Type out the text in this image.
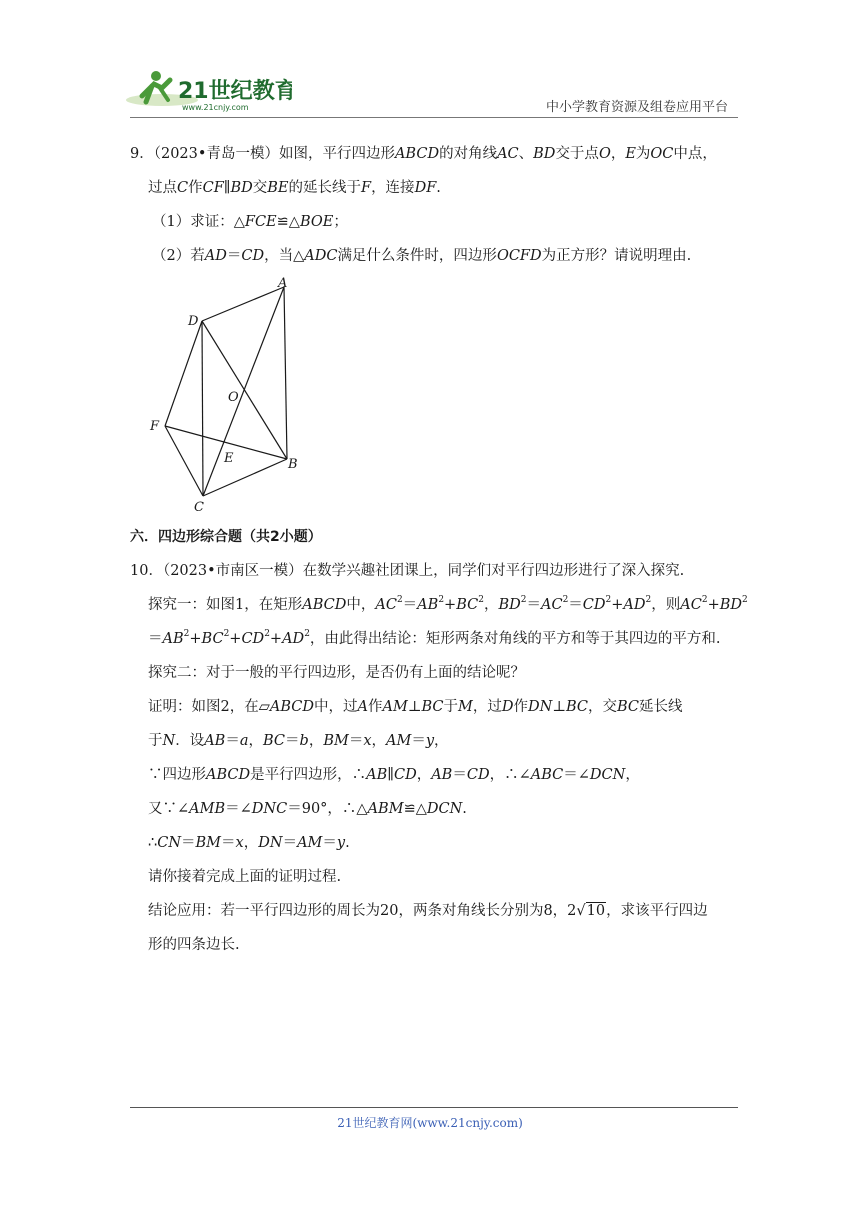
21世纪教育
www.21cnjy.com	中小学教育资源及组卷应用平台
9．（2023•青岛一模）如图，平行四边形ABCD的对角线AC、BD交于点O，E为OC中点，
过点C作CF∥BD交BE的延长线于F，连接DF.
（1）求证：△FCE≌△BOE；
（2）若AD＝CD，当△ADC满足什么条件时，四边形OCFD为正方形？请说明理由.
A
B
C
D
E
F
O
六．四边形综合题（共2小题）
10．（2023•市南区一模）在数学兴趣社团课上，同学们对平行四边形进行了深入探究.
探究一：如图1，在矩形ABCD中，$AC^2=AB^2+BC^2$，$BD^2=AC^2=CD^2+AD^2$，则$AC^2+BD^2$
$=AB^2+BC^2+CD^2+AD^2$，由此得出结论：矩形两条对角线的平方和等于其四边的平方和.
探究二：对于一般的平行四边形，是否仍有上面的结论呢？
证明：如图2，在▱ABCD中，过A作AM⊥BC于M，过D作DN⊥BC，交BC延长线
于N．设AB＝a，BC＝b，BM＝x，AM＝y，
∵四边形ABCD是平行四边形，∴AB∥CD，AB＝CD，∴∠ABC＝∠DCN，
又∵∠AMB＝∠DNC＝90°，∴△ABM≌△DCN.
∴CN＝BM＝x，DN＝AM＝y.
请你接着完成上面的证明过程.
结论应用：若一平行四边形的周长为20，两条对角线长分别为8，2√10，求该平行四边
形的四条边长.
21世纪教育网(www.21cnjy.com)
